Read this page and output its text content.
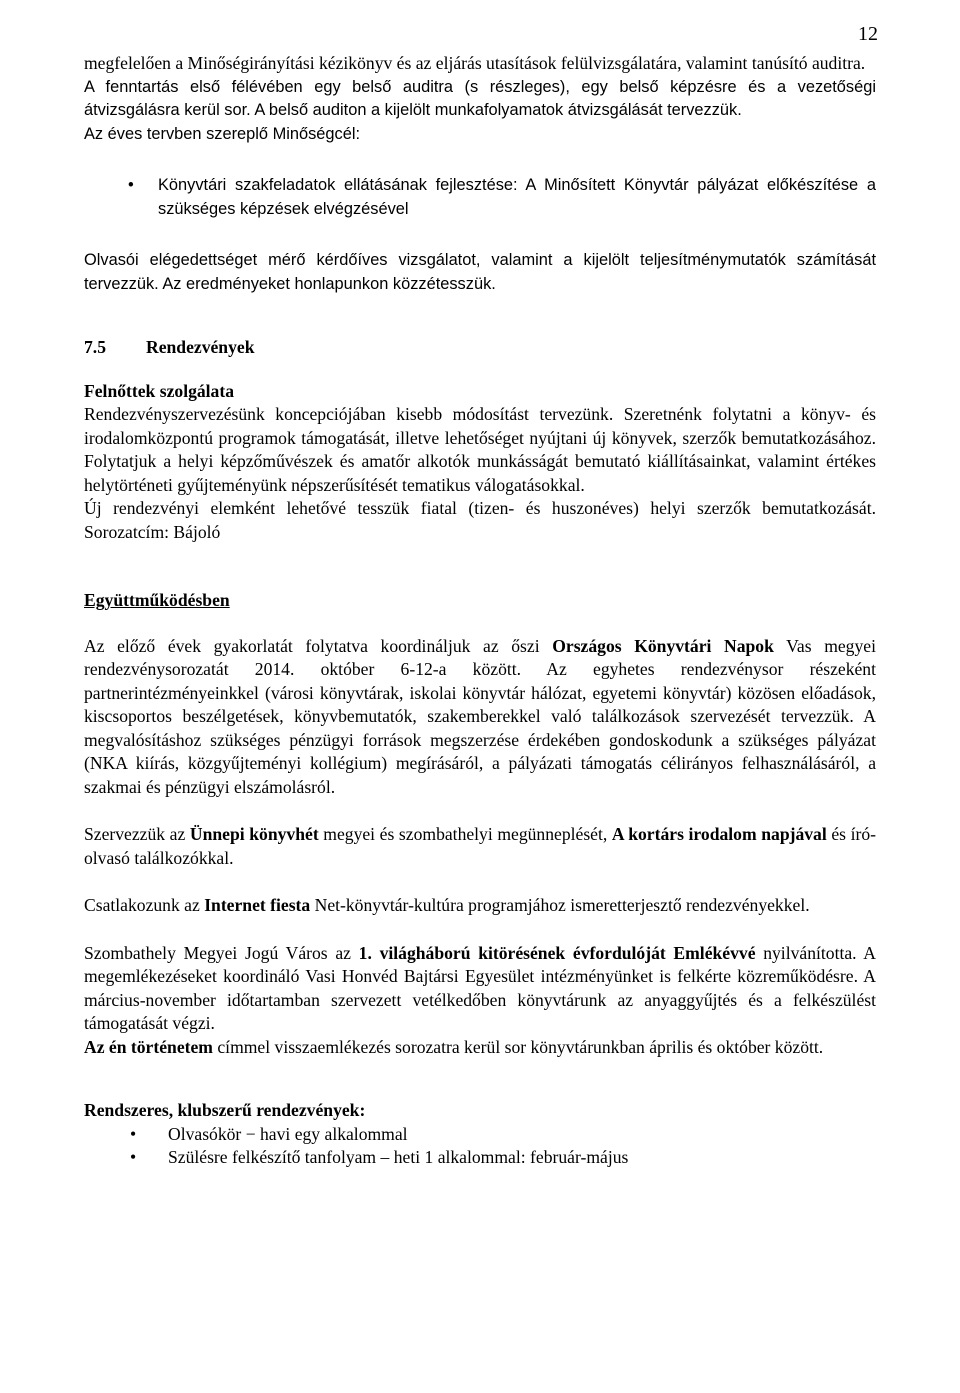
12

megfelelően a Minőségirányítási kézikönyv és az eljárás utasítások felülvizsgálatára, valamint tanúsító auditra.

A fenntartás első félévében egy belső auditra (s részleges), egy belső képzésre és a vezetőségi átvizsgálásra kerül sor. A belső auditon a kijelölt munkafolyamatok átvizsgálását tervezzük.

Az éves tervben szereplő Minőségcél:

• Könyvtári szakfeladatok ellátásának fejlesztése: A Minősített Könyvtár pályázat előkészítése a szükséges képzések elvégzésével

Olvasói elégedettséget mérő kérdőíves vizsgálatot, valamint a kijelölt teljesítménymutatók számítását tervezzük. Az eredményeket honlapunkon közzétesszük.

7.5 Rendezvények

Felnőttek szolgálata

Rendezvényszervezésünk koncepciójában kisebb módosítást tervezünk. Szeretnénk folytatni a könyv- és irodalomközpontú programok támogatását, illetve lehetőséget nyújtani új könyvek, szerzők bemutatkozásához. Folytatjuk a helyi képzőművészek és amatőr alkotók munkásságát bemutató kiállításainkat, valamint értékes helytörténeti gyűjteményünk népszerűsítését tematikus válogatásokkal.

Új rendezvényi elemként lehetővé tesszük fiatal (tizen- és huszonéves) helyi szerzők bemutatkozását. Sorozatcím: Bájoló

Együttműködésben

Az előző évek gyakorlatát folytatva koordináljuk az őszi Országos Könyvtári Napok Vas megyei rendezvénysorozatát 2014. október 6-12-a között. Az egyhetes rendezvénysor részeként partnerintézményeinkkel (városi könyvtárak, iskolai könyvtár hálózat, egyetemi könyvtár) közösen előadások, kiscsoportos beszélgetések, könyvbemutatók, szakemberekkel való találkozások szervezését tervezzük. A megvalósításhoz szükséges pénzügyi források megszerzése érdekében gondoskodunk a szükséges pályázat (NKA kiírás, közgyűjteményi kollégium) megírásáról, a pályázati támogatás célirányos felhasználásáról, a szakmai és pénzügyi elszámolásról.

Szervezzük az Ünnepi könyvhét megyei és szombathelyi megünneplését, A kortárs irodalom napjával és író-olvasó találkozókkal.

Csatlakozunk az Internet fiesta Net-könyvtár-kultúra programjához ismeretterjesztő rendezvényekkel.

Szombathely Megyei Jogú Város az 1. világháború kitörésének évfordulóját Emlékévvé nyilvánította. A megemlékezéseket koordináló Vasi Honvéd Bajtársi Egyesület intézményünket is felkérte közreműködésre. A március-november időtartamban szervezett vetélkedőben könyvtárunk az anyaggyűjtés és a felkészülést támogatását végzi.

Az én történetem címmel visszaemlékezés sorozatra kerül sor könyvtárunkban április és október között.

Rendszeres, klubszerű rendezvények:

• Olvasókör − havi egy alkalommal
• Szülésre felkészítő tanfolyam – heti 1 alkalommal: február-május
